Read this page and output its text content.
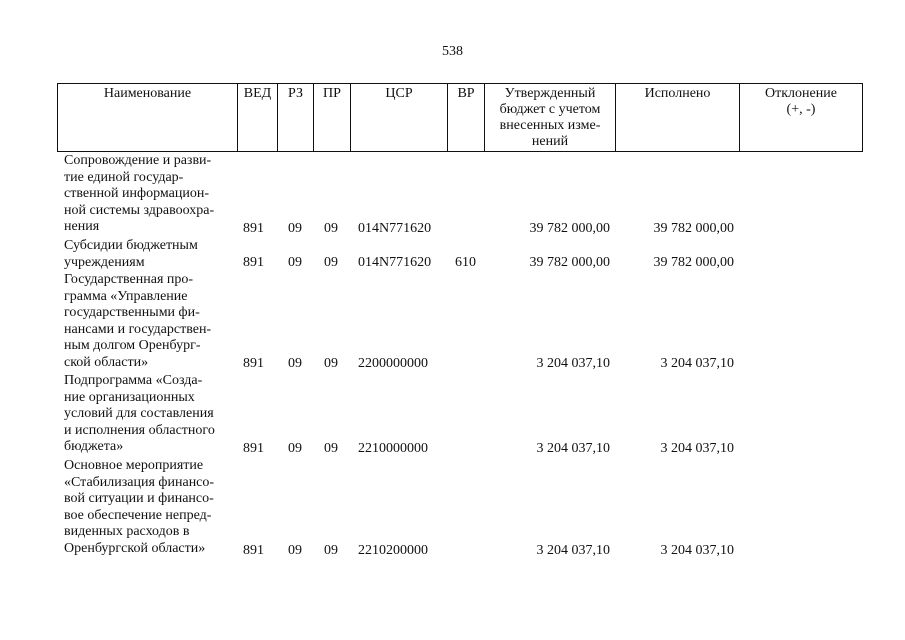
538
Наименование	ВЕД	РЗ	ПР	ЦСР	ВР	Утвержденный
бюджет с учетом
внесенных изме-
нений
Исполнено	Отклонение
(+, -)
Сопровождение и разви-
тие единой государ-
ственной информацион-
ной системы здравоохра-
нения	891 09 09 014N771620	39 782 000,00	39 782 000,00
Субсидии бюджетным
учреждениям	891 09 09 014N771620 610	39 782 000,00	39 782 000,00
Государственная про-
грамма «Управление
государственными фи-
нансами и государствен-
ным долгом Оренбург-
ской области»	891 09 09 2200000000	3 204 037,10	3 204 037,10
Подпрограмма «Созда-
ние организационных
условий для составления
и исполнения областного
бюджета»	891 09 09 2210000000	3 204 037,10	3 204 037,10
Основное мероприятие
«Стабилизация финансо-
вой ситуации и финансо-
вое обеспечение непред-
виденных расходов в
Оренбургской области»	891 09 09 2210200000	3 204 037,10	3 204 037,10
